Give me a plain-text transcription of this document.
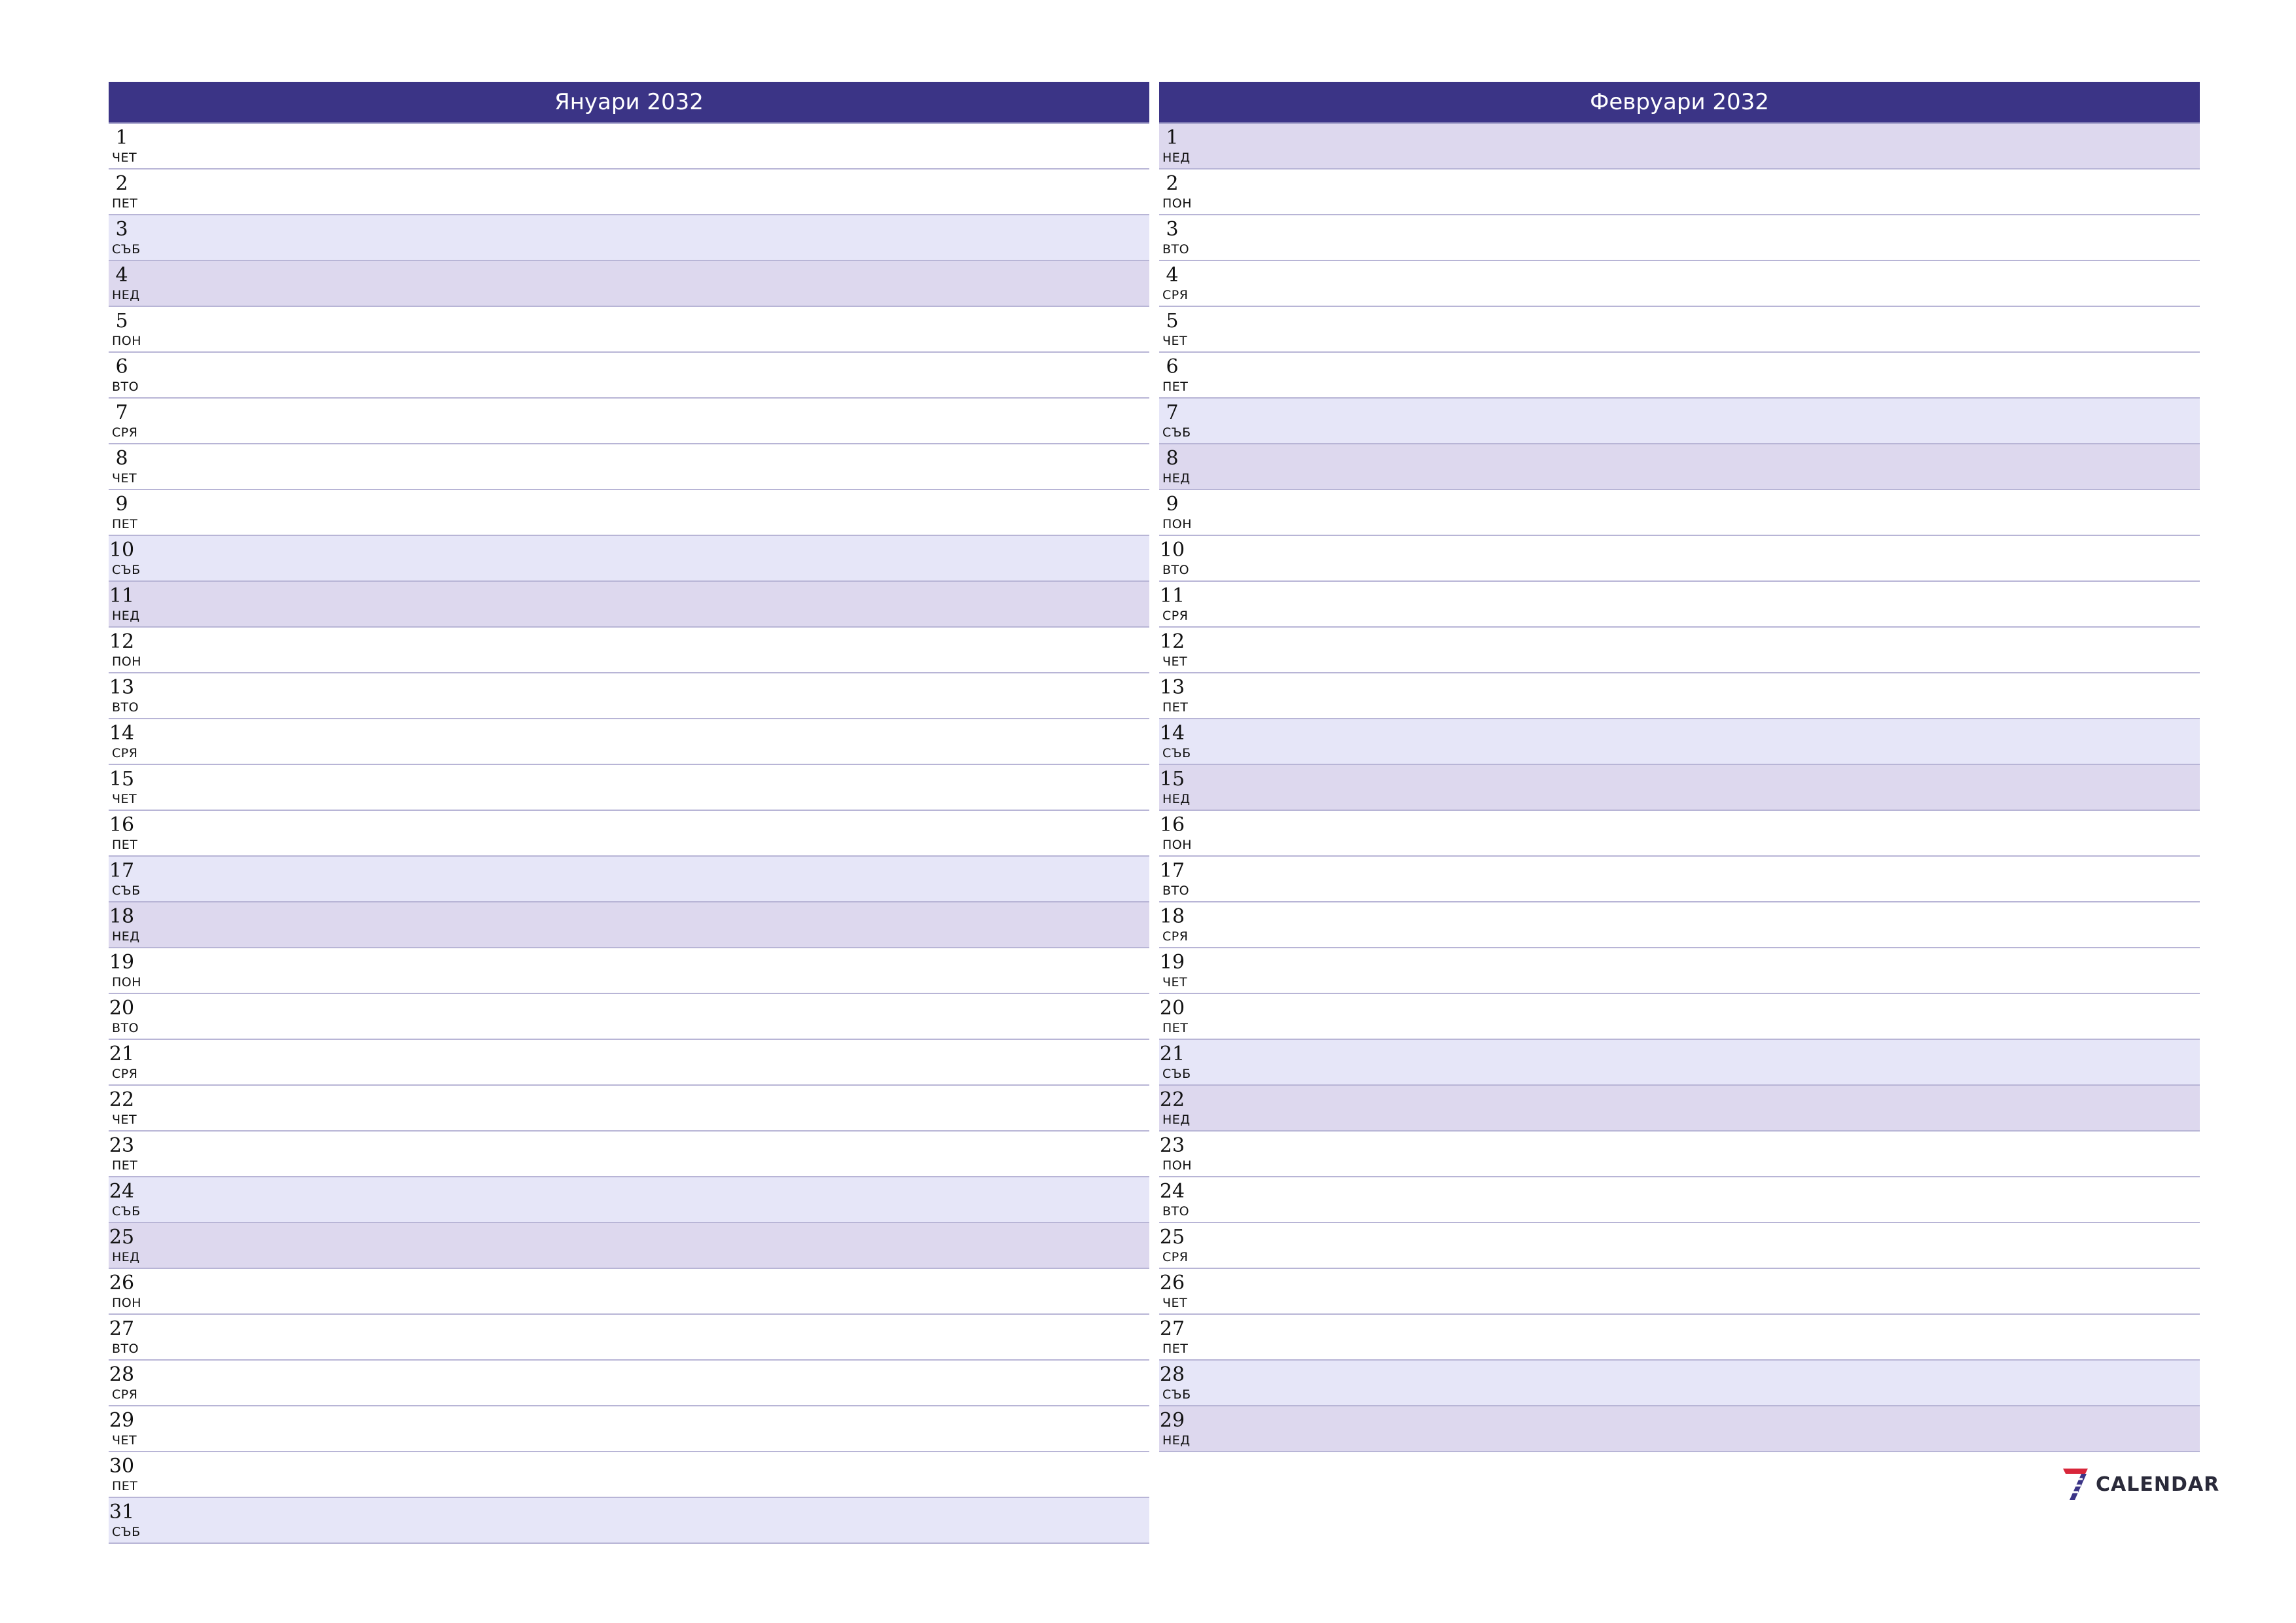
Януари 2032
1
ЧЕТ
2
ПЕТ
3
СЪБ
4
НЕД
5
ПОН
6
ВТО
7
СРЯ
8
ЧЕТ
9
ПЕТ
10
СЪБ
11
НЕД
12
ПОН
13
ВТО
14
СРЯ
15
ЧЕТ
16
ПЕТ
17
СЪБ
18
НЕД
19
ПОН
20
ВТО
21
СРЯ
22
ЧЕТ
23
ПЕТ
24
СЪБ
25
НЕД
26
ПОН
27
ВТО
28
СРЯ
29
ЧЕТ
30
ПЕТ
31
СЪБ
Февруари 2032
1
НЕД
2
ПОН
3
ВТО
4
СРЯ
5
ЧЕТ
6
ПЕТ
7
СЪБ
8
НЕД
9
ПОН
10
ВТО
11
СРЯ
12
ЧЕТ
13
ПЕТ
14
СЪБ
15
НЕД
16
ПОН
17
ВТО
18
СРЯ
19
ЧЕТ
20
ПЕТ
21
СЪБ
22
НЕД
23
ПОН
24
ВТО
25
СРЯ
26
ЧЕТ
27
ПЕТ
28
СЪБ
29
НЕД
CALENDAR
